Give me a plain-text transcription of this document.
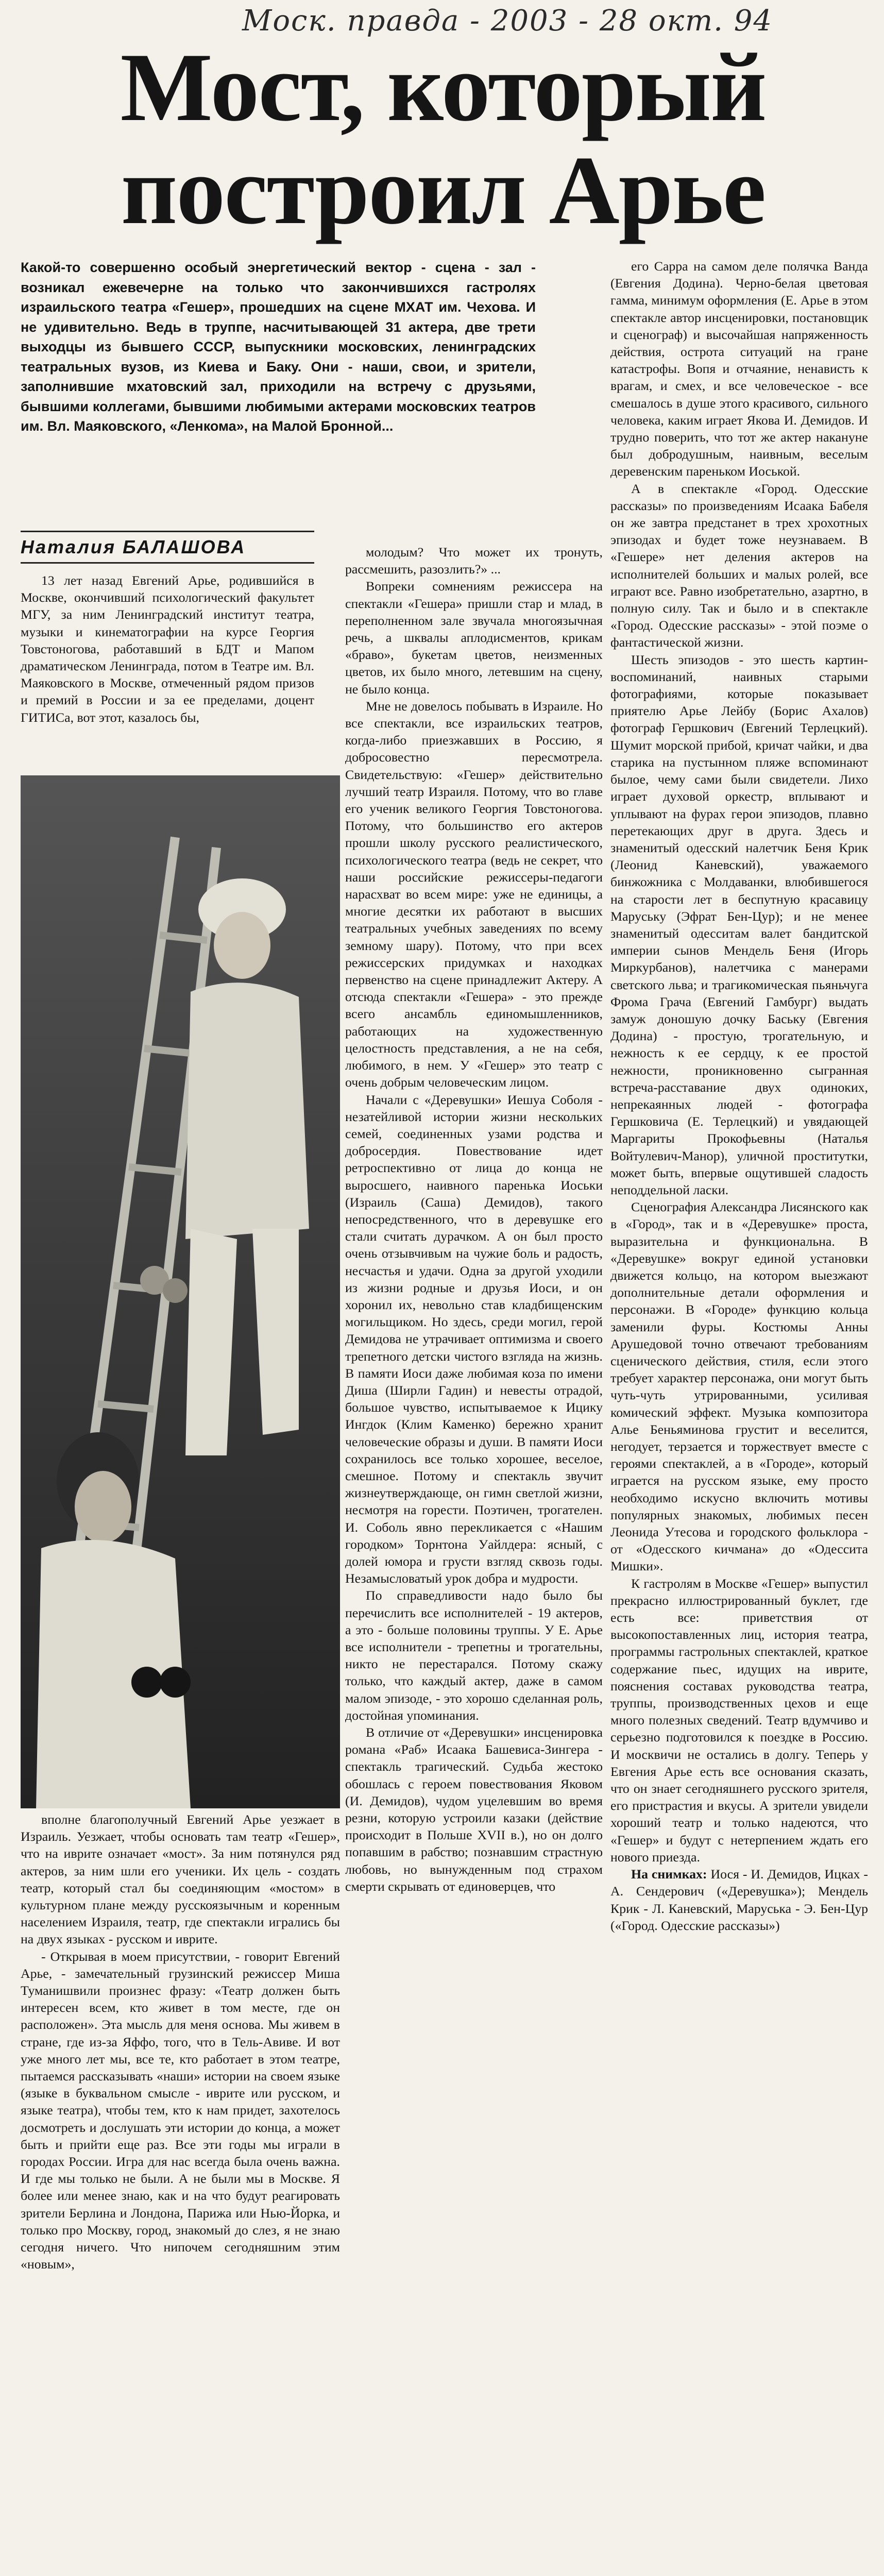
Моск. правда - 2003 - 28 окт. 94
Мост, который
построил Арье

Какой-то совершенно особый энергетический вектор - сцена - зал - возникал ежевечерне на только что закончившихся гастролях израильского театра «Гешер», прошедших на сцене МХАТ им. Чехова. И не удивительно. Ведь в труппе, насчитывающей 31 актера, две трети выходцы из бывшего СССР, выпускники московских, ленинградских театральных вузов, из Киева и Баку. Они - наши, свои, и зрители, заполнившие мхатовский зал, приходили на встречу с друзьями, бывшими коллегами, бывшими любимыми актерами московских театров им. Вл. Маяковского, «Ленкома», на Малой Бронной...

Наталия БАЛАШОВА

13 лет назад Евгений Арье, родившийся в Москве, окончивший психологический факультет МГУ, за ним Ленинградский институт театра, музыки и кинематографии на курсе Георгия Товстоногова, работавший в БДТ и Мапом драматическом Ленинграда, потом в Театре им. Вл. Маяковского в Москве, отмеченный рядом призов и премий в России и за ее пределами, доцент ГИТИСа, вот этот, казалось бы,

вполне благополучный Евгений Арье уезжает в Израиль. Уезжает, чтобы основать там театр «Гешер», что на иврите означает «мост». За ним потянулся ряд актеров, за ним шли его ученики. Их цель - создать театр, который стал бы соединяющим «мостом» в культурном плане между русскоязычным и коренным населением Израиля, театр, где спектакли игрались бы на двух языках - русском и иврите.

- Открывая в моем присутствии, - говорит Евгений Арье, - замечательный грузинский режиссер Миша Туманишвили произнес фразу: «Театр должен быть интересен всем, кто живет в том месте, где он расположен». Эта мысль для меня основа. Мы живем в стране, где из-за Яффо, того, что в Тель-Авиве. И вот уже много лет мы, все те, кто работает в этом театре, пытаемся рассказывать «наши» истории на своем языке (языке в буквальном смысле - иврите или русском, и языке театра), чтобы тем, кто к нам придет, захотелось досмотреть и дослушать эти истории до конца, а может быть и прийти еще раз. Все эти годы мы играли в городах России. Игра для нас всегда была очень важна. И где мы только не были. А не были мы в Москве. Я более или менее знаю, как и на что будут реагировать зрители Берлина и Лондона, Парижа или Нью-Йорка, и только про Москву, город, знакомый до слез, я не знаю сегодня ничего. Что нипочем сегодняшним этим «новым»,

молодым? Что может их тронуть, рассмешить, разозлить?» ...

Вопреки сомнениям режиссера на спектакли «Гешера» пришли стар и млад, в переполненном зале звучала многоязычная речь, а шквалы аплодисментов, крикам «браво», букетам цветов, неизменных цветов, их было много, летевшим на сцену, не было конца.

Мне не довелось побывать в Израиле. Но все спектакли, все израильских театров, когда-либо приезжавших в Россию, я добросовестно пересмотрела. Свидетельствую: «Гешер» действительно лучший театр Израиля. Потому, что во главе его ученик великого Георгия Товстоногова. Потому, что большинство его актеров прошли школу русского реалистического, психологического театра (ведь не секрет, что наши российские режиссеры-педагоги нарасхват во всем мире: уже не единицы, а многие десятки их работают в высших театральных учебных заведениях по всему земному шару). Потому, что при всех режиссерских придумках и находках первенство на сцене принадлежит Актеру. А отсюда спектакли «Гешера» - это прежде всего ансамбль единомышленников, работающих на художественную целостность представления, а не на себя, любимого, в нем. У «Гешер» это театр с очень добрым человеческим лицом.

Начали с «Деревушки» Иешуа Соболя - незатейливой истории жизни нескольких семей, соединенных узами родства и добросердия. Повествование идет ретроспективно от лица до конца не выросшего, наивного паренька Иоськи (Израиль (Саша) Демидов), такого непосредственного, что в деревушке его стали считать дурачком. А он был просто очень отзывчивым на чужие боль и радость, несчастья и удачи. Одна за другой уходили из жизни родные и друзья Иоси, и он хоронил их, невольно став кладбищенским могильщиком. Но здесь, среди могил, герой Демидова не утрачивает оптимизма и своего трепетного детски чистого взгляда на жизнь. В памяти Иоси даже любимая коза по имени Диша (Ширли Гадин) и невесты отрадой, большое чувство, испытываемое к Ицику Ингдок (Клим Каменко) бережно хранит человеческие образы и души. В памяти Иоси сохранилось все только хорошее, веселое, смешное. Потому и спектакль звучит жизнеутверждающе, он гимн светлой жизни, несмотря на горести. Поэтичен, трогателен. И. Соболь явно перекликается с «Нашим городком» Торнтона Уайлдера: ясный, с долей юмора и грусти взгляд сквозь годы. Незамысловатый урок добра и мудрости.

По справедливости надо было бы перечислить все исполнителей - 19 актеров, а это - больше половины труппы. У Е. Арье все исполнители - трепетны и трогательны, никто не перестарался. Потому скажу только, что каждый актер, даже в самом малом эпизоде, - это хорошо сделанная роль, достойная упоминания.

В отличие от «Деревушки» инсценировка романа «Раб» Исаака Башевиса-Зингера - спектакль трагический. Судьба жестоко обошлась с героем повествования Яковом (И. Демидов), чудом уцелевшим во время резни, которую устроили казаки (действие происходит в Польше XVII в.), но он долго попавшим в рабство; познавшим страстную любовь, но вынужденным под страхом смерти скрывать от единоверцев, что

его Сарра на самом деле полячка Ванда (Евгения Додина). Черно-белая цветовая гамма, минимум оформления (Е. Арье в этом спектакле автор инсценировки, постановщик и сценограф) и высочайшая напряженность действия, острота ситуаций на гране катастрофы. Вопя и отчаяние, ненависть к врагам, и смех, и все человеческое - все смешалось в душе этого красивого, сильного человека, каким играет Якова И. Демидов. И трудно поверить, что тот же актер накануне был добродушным, наивным, веселым деревенским пареньком Иоськой.

А в спектакле «Город. Одесские рассказы» по произведениям Исаака Бабеля он же завтра предстанет в трех хрохотных эпизодах и будет тоже неузнаваем. В «Гешере» нет деления актеров на исполнителей больших и малых ролей, все играют все. Равно изобретательно, азартно, в полную силу. Так и было и в спектакле «Город. Одесские рассказы» - этой поэме о фантастической жизни.

Шесть эпизодов - это шесть картин-воспоминаний, наивных старыми фотографиями, которые показывает приятелю Арье Лейбу (Борис Ахалов) фотограф Гершкович (Евгений Терлецкий). Шумит морской прибой, кричат чайки, и два старика на пустынном пляже вспоминают былое, чему сами были свидетели. Лихо играет духовой оркестр, вплывают и уплывают на фурах герои эпизодов, плавно перетекающих друг в друга. Здесь и знаменитый одесский налетчик Беня Крик (Леонид Каневский), уважаемого бинжожника с Молдаванки, влюбившегося на старости лет в беспутную красавицу Маруську (Эфрат Бен-Цур); и не менее знаменитый одесситам валет бандитской империи сынов Мендель Беня (Игорь Миркурбанов), налетчика с манерами светского льва; и трагикомическая пьяньчуга Фрома Грача (Евгений Гамбург) выдать замуж доношую дочку Баську (Евгения Додина) - простую, трогательную, и нежность к ее сердцу, к ее простой нежности, проникновенно сыгранная встреча-расставание двух одиноких, непрекаянных людей - фотографа Гершковича (Е. Терлецкий) и увядающей Маргариты Прокофьевны (Наталья Войтулевич-Манор), уличной проститутки, может быть, впервые ощутившей сладость неподдельной ласки.

Сценография Александра Лисянского как в «Город», так и в «Деревушке» проста, выразительна и функциональна. В «Деревушке» вокруг единой установки движется кольцо, на котором выезжают дополнительные детали оформления и персонажи. В «Городе» функцию кольца заменили фуры. Костюмы Анны Арушедовой точно отвечают требованиям сценического действия, стиля, если этого требует характер персонажа, они могут быть чуть-чуть утрированными, усиливая комический эффект. Музыка композитора Алье Беньяминова грустит и веселится, негодует, терзается и торжествует вместе с героями спектаклей, а в «Городе», который играется на русском языке, ему просто необходимо искусно включить мотивы популярных знакомых, любимых песен Леонида Утесова и городского фольклора - от «Одесского кичмана» до «Одессита Мишки».

К гастролям в Москве «Гешер» выпустил прекрасно иллюстрированный буклет, где есть все: приветствия от высокопоставленных лиц, история театра, программы гастрольных спектаклей, краткое содержание пьес, идущих на иврите, пояснения составах руководства театра, труппы, производственных цехов и еще много полезных сведений. Театр вдумчиво и серьезно подготовился к поездке в Россию. И москвичи не остались в долгу. Теперь у Евгения Арье есть все основания сказать, что он знает сегодняшнего русского зрителя, его пристрастия и вкусы. А зрители увидели хороший театр и только надеются, что «Гешер» и будут с нетерпением ждать его нового приезда.

На снимках: Иося - И. Демидов, Ицках - А. Сендерович («Деревушка»); Мендель Крик - Л. Каневский, Маруська - Э. Бен-Цур («Город. Одесские рассказы»)
